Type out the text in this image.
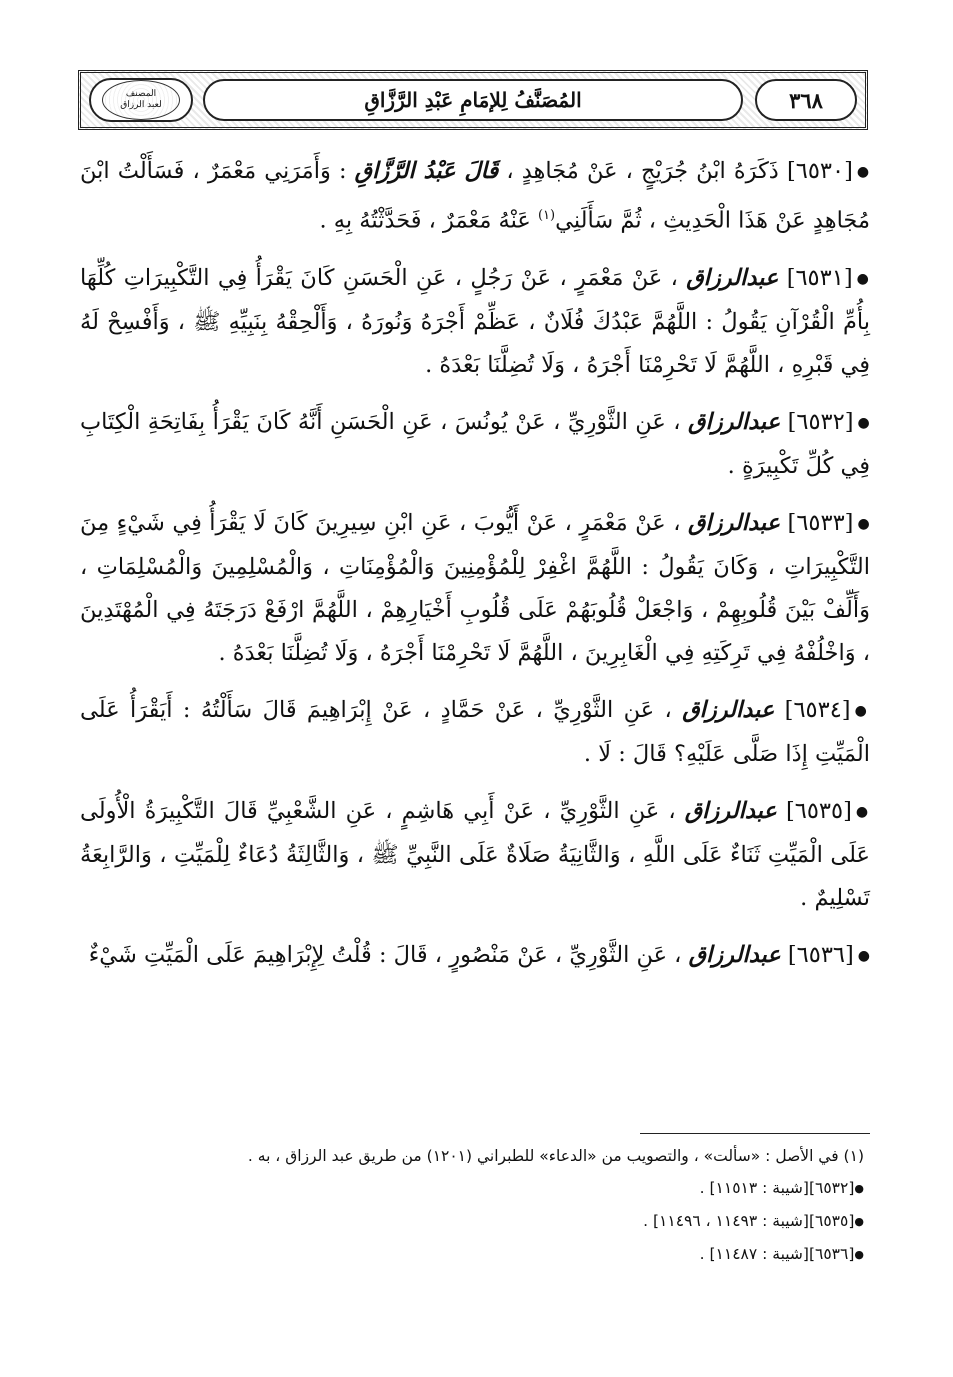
٣٦٨
المُصَنَّفُ لِلإمَامِ عَبْدِ الرَّزَّاقِ
المصنف
لعبد الرزاق

●[٦٥٣٠] ذَكَرَهُ ابْنُ جُرَيْجٍ ، عَنْ مُجَاهِدٍ ، قَالَ عَبْدُ الرَّزَّاقِ : وَأَمَرَنِي مَعْمَرٌ ، فَسَأَلْتُ ابْنَ مُجَاهِدٍ عَنْ هَذَا الْحَدِيثِ ، ثُمَّ سَأَلَنِي$^{(١)}$ عَنْهُ مَعْمَرٌ ، فَحَدَّثْتُهُ بِهِ .

●[٦٥٣١] عبدالرزاق ، عَنْ مَعْمَرٍ ، عَنْ رَجُلٍ ، عَنِ الْحَسَنِ كَانَ يَقْرَأُ فِي التَّكْبِيرَاتِ كُلِّهَا بِأُمِّ الْقُرْآنِ يَقُولُ : اللَّهُمَّ عَبْدُكَ فُلَانٌ ، عَظِّمْ أَجْرَهُ وَنُورَهُ ، وَأَلْحِقْهُ بِنَبِيِّهِ ﷺ ، وَأَفْسِحْ لَهُ فِي قَبْرِهِ ، اللَّهُمَّ لَا تَحْرِمْنَا أَجْرَهُ ، وَلَا تُضِلَّنَا بَعْدَهُ .

●[٦٥٣٢] عبدالرزاق ، عَنِ الثَّوْرِيِّ ، عَنْ يُونُسَ ، عَنِ الْحَسَنِ أَنَّهُ كَانَ يَقْرَأُ بِفَاتِحَةِ الْكِتَابِ فِي كُلِّ تَكْبِيرَةٍ .

●[٦٥٣٣] عبدالرزاق ، عَنْ مَعْمَرٍ ، عَنْ أَيُّوبَ ، عَنِ ابْنِ سِيرِينَ كَانَ لَا يَقْرَأُ فِي شَيْءٍ مِنَ التَّكْبِيرَاتِ ، وَكَانَ يَقُولُ : اللَّهُمَّ اغْفِرْ لِلْمُؤْمِنِينَ وَالْمُؤْمِنَاتِ ، وَالْمُسْلِمِينَ وَالْمُسْلِمَاتِ ، وَأَلِّفْ بَيْنَ قُلُوبِهِمْ ، وَاجْعَلْ قُلُوبَهُمْ عَلَى قُلُوبِ أَخْيَارِهِمْ ، اللَّهُمَّ ارْفَعْ دَرَجَتَهُ فِي الْمُهْتَدِينَ ، وَاخْلُفْهُ فِي تَرِكَتِهِ فِي الْغَابِرِينَ ، اللَّهُمَّ لَا تَحْرِمْنَا أَجْرَهُ ، وَلَا تُضِلَّنَا بَعْدَهُ .

●[٦٥٣٤] عبدالرزاق ، عَنِ الثَّوْرِيِّ ، عَنْ حَمَّادٍ ، عَنْ إِبْرَاهِيمَ قَالَ سَأَلْتُهُ : أَيَقْرَأُ عَلَى الْمَيِّتِ إِذَا صَلَّى عَلَيْهِ؟ قَالَ : لَا .

●[٦٥٣٥] عبدالرزاق ، عَنِ الثَّوْرِيِّ ، عَنْ أَبِي هَاشِمٍ ، عَنِ الشَّعْبِيِّ قَالَ التَّكْبِيرَةُ الْأُولَى عَلَى الْمَيِّتِ ثَنَاءٌ عَلَى اللَّهِ ، وَالثَّانِيَةُ صَلَاةٌ عَلَى النَّبِيِّ ﷺ ، وَالثَّالِثَةُ دُعَاءٌ لِلْمَيِّتِ ، وَالرَّابِعَةُ تَسْلِيمٌ .

●[٦٥٣٦] عبدالرزاق ، عَنِ الثَّوْرِيِّ ، عَنْ مَنْصُورٍ ، قَالَ : قُلْتُ لِإِبْرَاهِيمَ عَلَى الْمَيِّتِ شَيْءٌ

(١) في الأصل : «سألت» ، والتصويب من «الدعاء» للطبراني (١٢٠١) من طريق عبد الرزاق ، به .

●[٦٥٣٢][شيبة : ١١٥١٣] .

●[٦٥٣٥][شيبة : ١١٤٩٣ ، ١١٤٩٦] .

●[٦٥٣٦][شيبة : ١١٤٨٧] .
